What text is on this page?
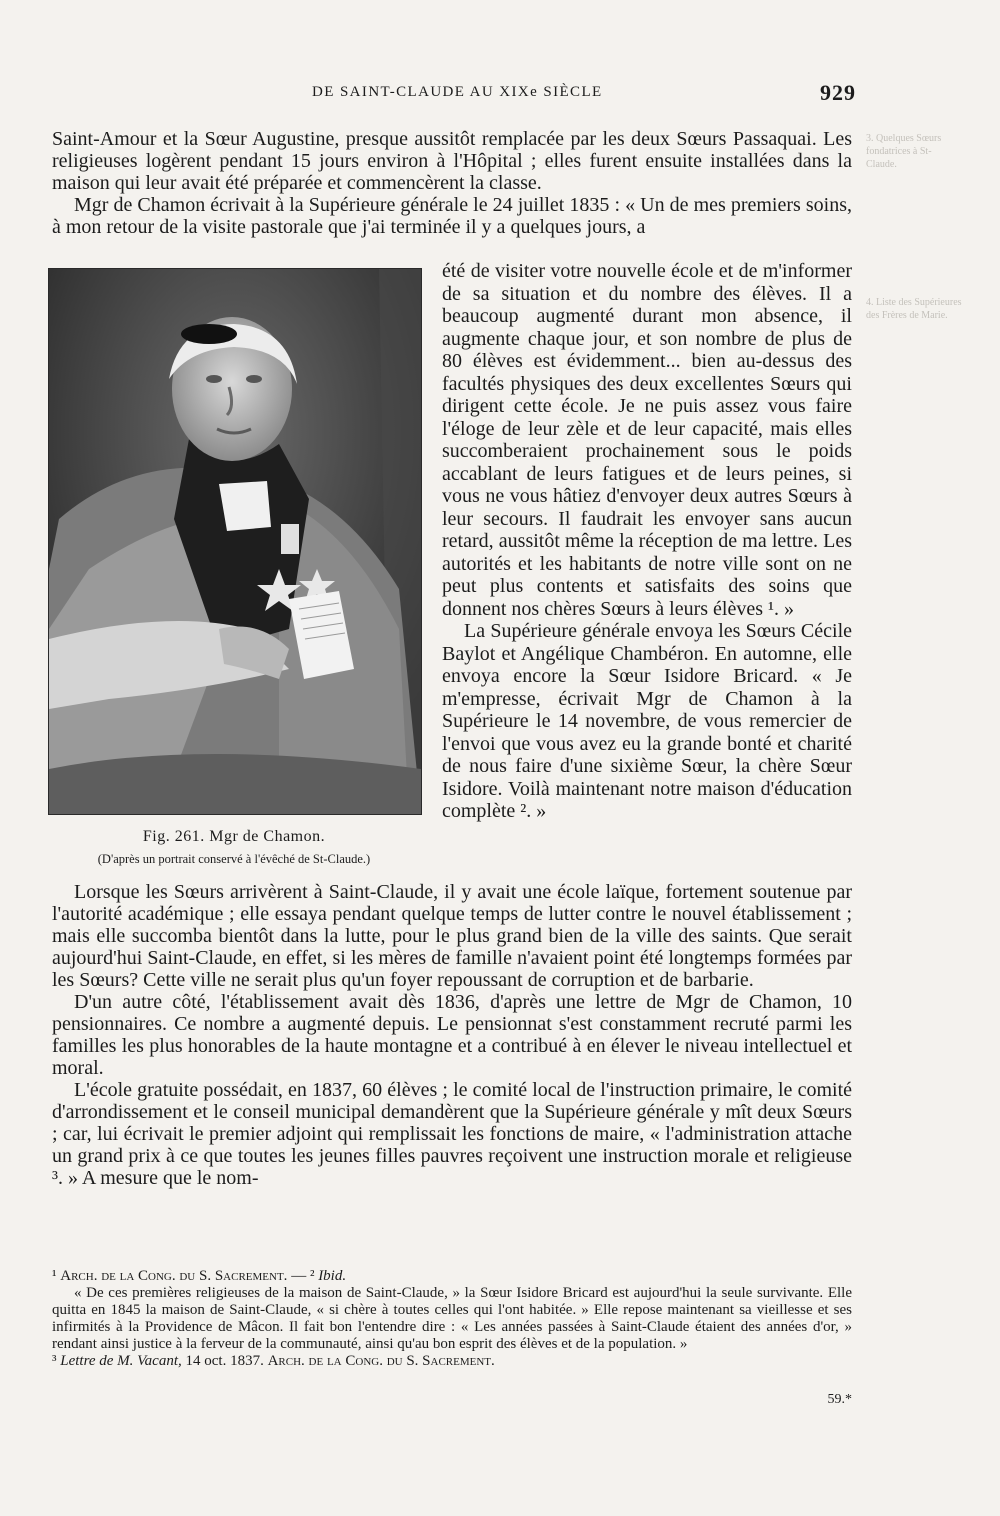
DE SAINT-CLAUDE AU XIXe SIÈCLE	929
3. Quelques Sœurs fondatrices à St-Claude.
4. Liste des Supérieures des Frères de Marie.

Saint-Amour et la Sœur Augustine, presque aussitôt remplacée par les deux Sœurs Passaquai. Les religieuses logèrent pendant 15 jours environ à l'Hôpital ; elles furent ensuite installées dans la maison qui leur avait été préparée et commencèrent la classe.

Mgr de Chamon écrivait à la Supérieure générale le 24 juillet 1835 : « Un de mes premiers soins, à mon retour de la visite pastorale que j'ai terminée il y a quelques jours, a

Fig. 261. Mgr de Chamon.
(D'après un portrait conservé à l'évêché de St-Claude.)

été de visiter votre nouvelle école et de m'informer de sa situation et du nombre des élèves. Il a beaucoup augmenté durant mon absence, il augmente chaque jour, et son nombre de plus de 80 élèves est évidemment... bien au-dessus des facultés physiques des deux excellentes Sœurs qui dirigent cette école. Je ne puis assez vous faire l'éloge de leur zèle et de leur capacité, mais elles succomberaient prochainement sous le poids accablant de leurs fatigues et de leurs peines, si vous ne vous hâtiez d'envoyer deux autres Sœurs à leur secours. Il faudrait les envoyer sans aucun retard, aussitôt même la réception de ma lettre. Les autorités et les habitants de notre ville sont on ne peut plus contents et satisfaits des soins que donnent nos chères Sœurs à leurs élèves ¹. »

La Supérieure générale envoya les Sœurs Cécile Baylot et Angélique Chambéron. En automne, elle envoya encore la Sœur Isidore Bricard. « Je m'empresse, écrivait Mgr de Chamon à la Supérieure le 14 novembre, de vous remercier de l'envoi que vous avez eu la grande bonté et charité de nous faire d'une sixième Sœur, la chère Sœur Isidore. Voilà maintenant notre maison d'éducation complète ². »

Lorsque les Sœurs arrivèrent à Saint-Claude, il y avait une école laïque, fortement soutenue par l'autorité académique ; elle essaya pendant quelque temps de lutter contre le nouvel établissement ; mais elle succomba bientôt dans la lutte, pour le plus grand bien de la ville des saints. Que serait aujourd'hui Saint-Claude, en effet, si les mères de famille n'avaient point été longtemps formées par les Sœurs? Cette ville ne serait plus qu'un foyer repoussant de corruption et de barbarie.

D'un autre côté, l'établissement avait dès 1836, d'après une lettre de Mgr de Chamon, 10 pensionnaires. Ce nombre a augmenté depuis. Le pensionnat s'est constamment recruté parmi les familles les plus honorables de la haute montagne et a contribué à en élever le niveau intellectuel et moral.

L'école gratuite possédait, en 1837, 60 élèves ; le comité local de l'instruction primaire, le comité d'arrondissement et le conseil municipal demandèrent que la Supérieure générale y mît deux Sœurs ; car, lui écrivait le premier adjoint qui remplissait les fonctions de maire, « l'administration attache un grand prix à ce que toutes les jeunes filles pauvres reçoivent une instruction morale et religieuse ³. » A mesure que le nom-

¹ Arch. de la Cong. du S. Sacrement. — ² Ibid.

« De ces premières religieuses de la maison de Saint-Claude, » la Sœur Isidore Bricard est aujourd'hui la seule survivante. Elle quitta en 1845 la maison de Saint-Claude, « si chère à toutes celles qui l'ont habitée. » Elle repose maintenant sa vieillesse et ses infirmités à la Providence de Mâcon. Il fait bon l'entendre dire : « Les années passées à Saint-Claude étaient des années d'or, » rendant ainsi justice à la ferveur de la communauté, ainsi qu'au bon esprit des élèves et de la population. »

³ Lettre de M. Vacant, 14 oct. 1837. Arch. de la Cong. du S. Sacrement.

59.*
